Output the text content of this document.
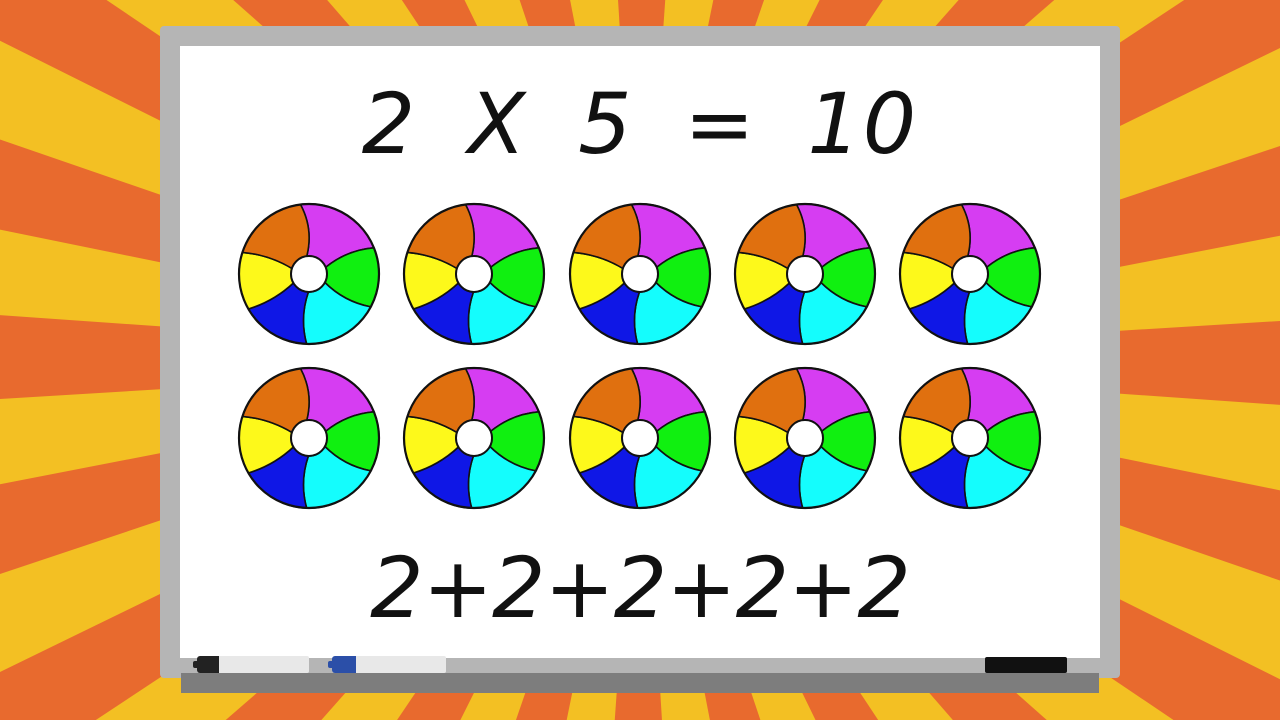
2 X 5 = 10

2+2+2+2+2
